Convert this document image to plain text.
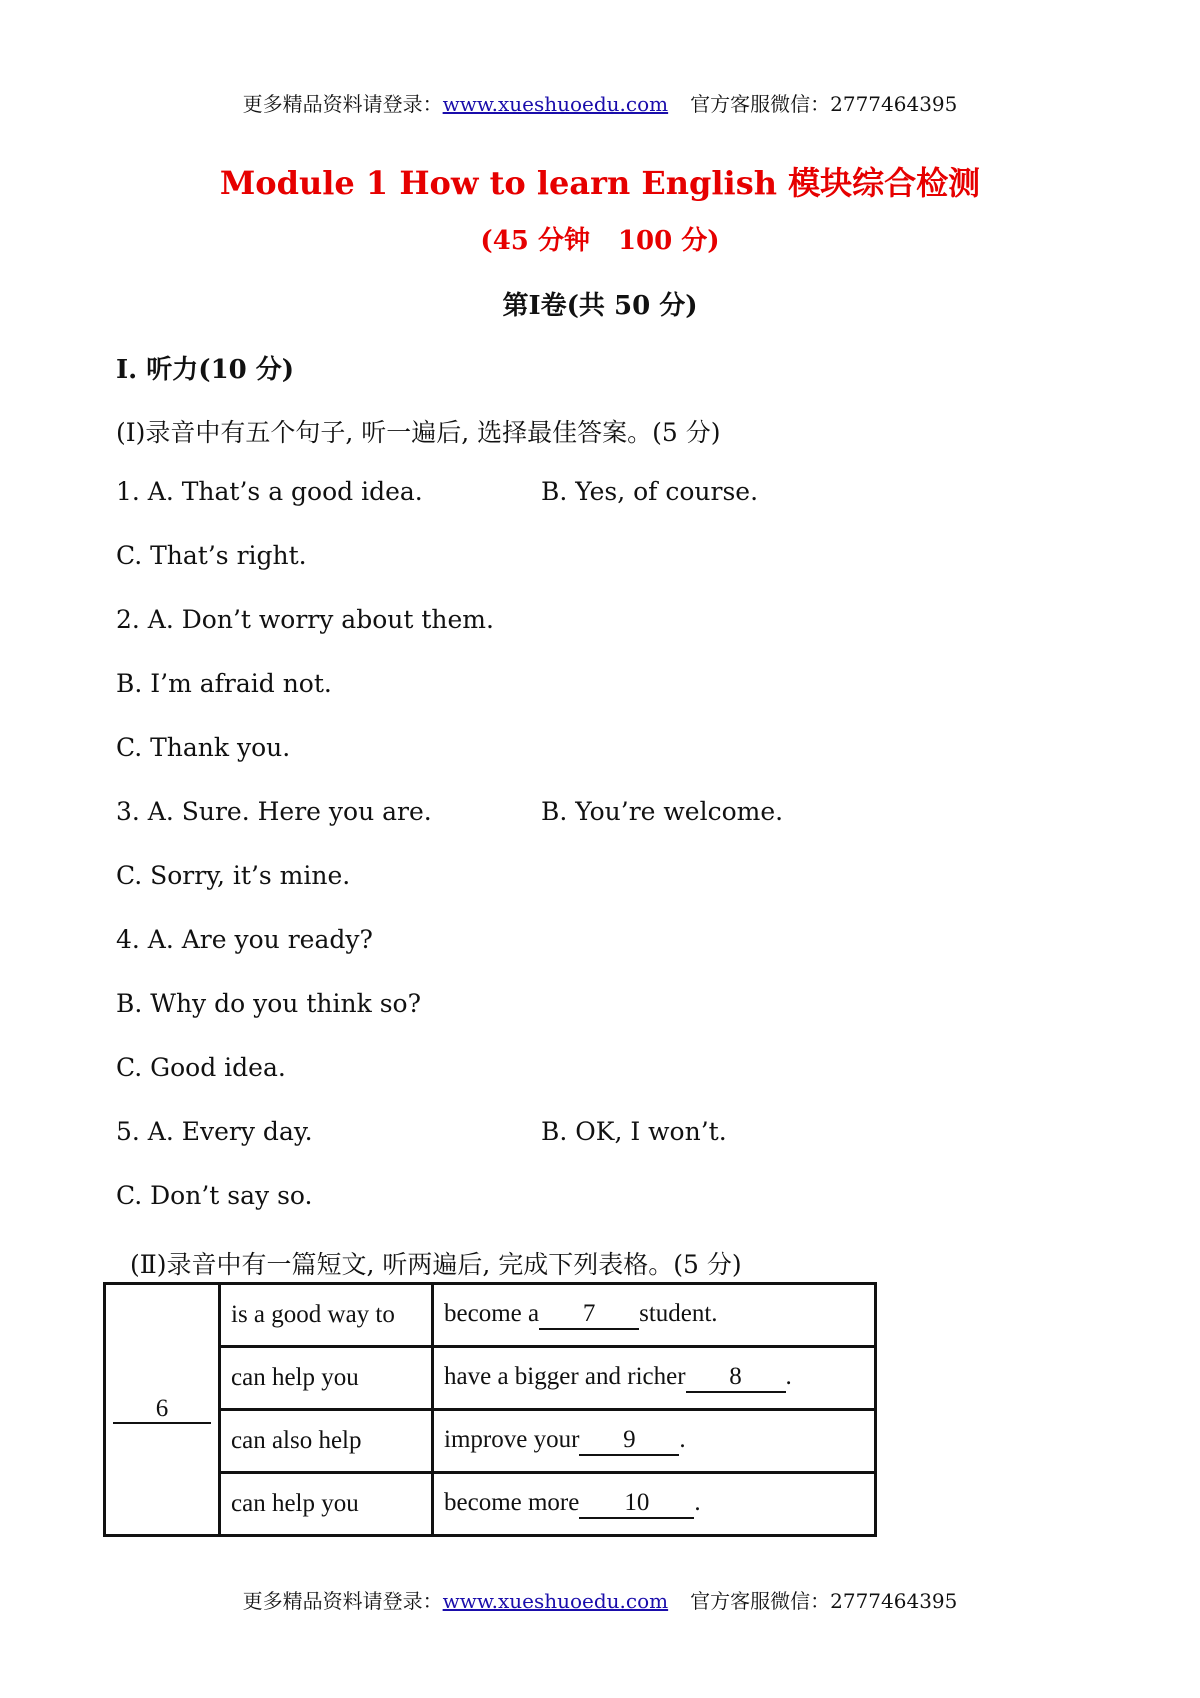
更多精品资料请登录：www.xueshuoedu.com 官方客服微信：2777464395
Module 1 How to learn English 模块综合检测
(45 分钟 100 分)
第Ⅰ卷(共 50 分)
Ⅰ. 听力(10 分)
(Ⅰ)录音中有五个句子, 听一遍后, 选择最佳答案。(5 分)
1. A. That’s a good idea.	B. Yes, of course.
C. That’s right.
2. A. Don’t worry about them.
B. I’m afraid not.
C. Thank you.
3. A. Sure. Here you are.	B. You’re welcome.
C. Sorry, it’s mine.
4. A. Are you ready?
B. Why do you think so?
C. Good idea.
5. A. Every day.	B. OK, I won’t.
C. Don’t say so.
(Ⅱ)录音中有一篇短文, 听两遍后, 完成下列表格。(5 分)
6	is a good way to	become a 7 student.
	can help you	have a bigger and richer 8 .
	can also help	improve your 9 .
	can help you	become more 10 .
更多精品资料请登录：www.xueshuoedu.com 官方客服微信：2777464395
